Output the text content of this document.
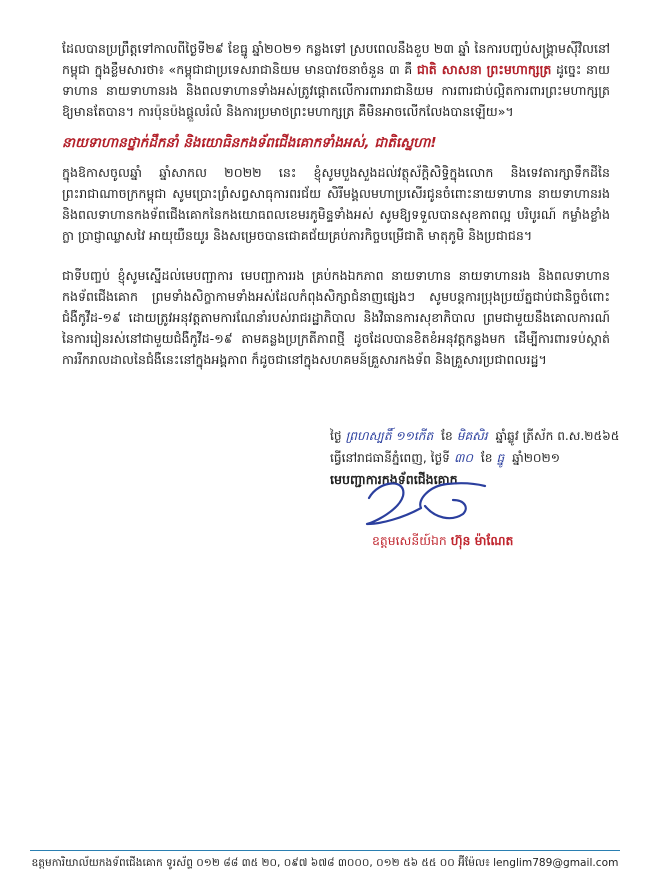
ដែលបានប្រព្រឹត្តទៅកាលពីថ្ងៃទី២៩ ខែធ្នូ ឆ្នាំ២០២១ កន្លងទៅ ស្របពេលនឹងខួប ២៣ ឆ្នាំ នៃការបញ្ចប់សង្គ្រាមស៊ីវិលនៅកម្ពុជា ក្នុងខ្លឹមសារថា៖ «កម្ពុជាជាប្រទេសរាជានិយម មានបាវចនាចំនួន ៣ គឺ ជាតិ សាសនា ព្រះមហាក្សត្រ ដូច្នេះ នាយទាហាន នាយទាហានរង និងពលទាហានទាំងអស់ត្រូវផ្ដោតលើការពាររាជានិយម ការពារជាប់ល្អិតការពារព្រះមហាក្សត្រ ឱ្យមានតែបាន។ ការប៉ុនប៉ងផ្ដួលរំលំ និងការប្រមាថព្រះមហាក្សត្រ គឺមិនអាចលើកលែងបានឡើយ»។
នាយទាហានថ្នាក់ដឹកនាំ និងយោធិនកងទ័ពជើងគោកទាំងអស់, ជាតិស្នេហា!
ក្នុងឱកាសចូលឆ្នាំ ឆ្នាំសាកល ២០២២ នេះ ខ្ញុំសូមបួងសួងដល់វត្ថុស័ក្តិសិទ្ធិក្នុងលោក និងទេវតារក្សាទឹកដីនៃព្រះរាជាណាចក្រកម្ពុជា សូមប្រោះព្រំសព្វសាធុការពរជ័យ សិរីមង្គលមហាប្រសើរជូនចំពោះនាយទាហាន នាយទាហានរង និងពលទាហានកងទ័ពជើងគោកនៃកងយោធពលខេមរភូមិន្ទទាំងអស់ សូមឱ្យទទួលបានសុខភាពល្អ បរិបូរណ៍ កម្លាំងខ្លាំងក្លា ប្រាជ្ញាឈ្លាសវៃ អាយុយឺនយូរ និងសម្រេចបានជោគជ័យគ្រប់ភារកិច្ចបម្រើជាតិ មាតុភូមិ និងប្រជាជន។
ជាទីបញ្ចប់ ខ្ញុំសូមស្នើដល់មេបញ្ជាការ មេបញ្ជាការរង គ្រប់កងឯកភាព នាយទាហាន នាយទាហានរង និងពលទាហានកងទ័ពជើងគោក ព្រមទាំងសិក្ខាកាមទាំងអស់ដែលកំពុងសិក្សាជំនាញផ្សេងៗ សូមបន្តការប្រុងប្រយ័ត្នជាប់ជានិច្ចចំពោះជំងឺកូវីដ-១៩ ដោយត្រូវអនុវត្តតាមការណែនាំរបស់រាជរដ្ឋាភិបាល និងវិធានការសុខាភិបាល ព្រមជាមួយនឹងគោលការណ៍នៃការរៀនរស់នៅជាមួយជំងឺកូវីដ-១៩ តាមគន្លងប្រក្រតីភាពថ្មី ដូចដែលបានខិតខំអនុវត្តកន្លងមក ដើម្បីការពារទប់ស្កាត់ការរីករាលដាលនៃជំងឺនេះនៅក្នុងអង្គភាព ក៏ដូចជានៅក្នុងសហគមន៍គ្រួសារកងទ័ព និងគ្រួសារប្រជាពលរដ្ឋ។
ថ្ងៃ ព្រហស្បតិ៍ ១១កើត ខែ មិគសិរ ឆ្នាំឆ្លូវ ត្រីស័ក ព.ស.២៥៦៥
ធ្វើនៅរាជធានីភ្នំពេញ, ថ្ងៃទី ៣០ ខែ ធ្នូ ឆ្នាំ២០២១
មេបញ្ជាការកងទ័ពជើងគោក
ឧត្តមសេនីយ៍ឯក ហ៊ុន ម៉ាណែត
ឧត្តមការិយាល័យកងទ័ពជើងគោក ទូរស័ព្ទ ០១២ ៨៨ ៣៥ ២០, ០៩៧ ៦៧៨ ៣០០០, ០១២ ៥៦ ៥៥ ០០ អ៊ីម៉ែល៖ lenglim789@gmail.com
